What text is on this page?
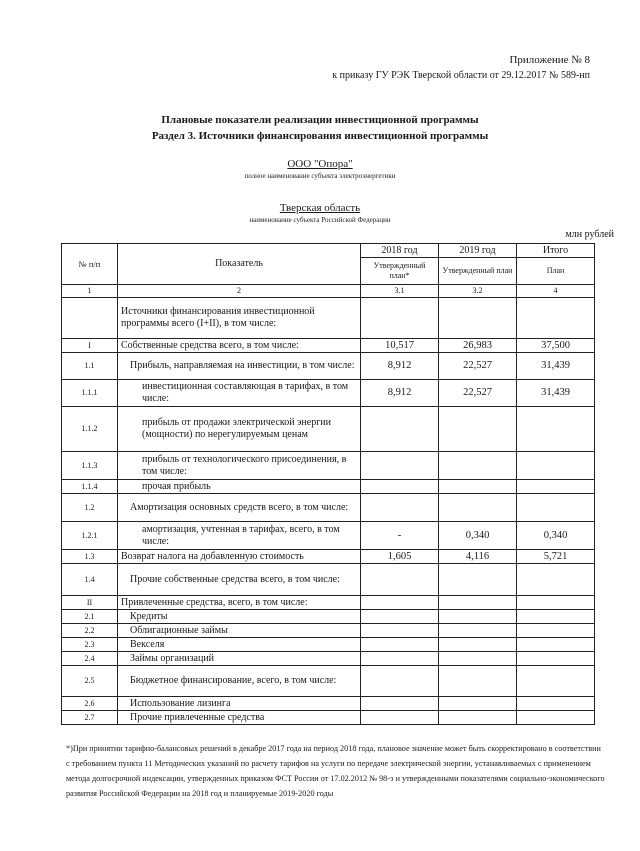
Приложение № 8
к приказу ГУ РЭК Тверской области от 29.12.2017 № 589-нп
Плановые показатели реализации инвестиционной программы
Раздел 3. Источники финансирования инвестиционной программы
ООО "Опора"
полное наименование субъекта электроэнергетики
Тверская область
наименование субъекта Российской Федерации
млн рублей
№ п/п	Показатель	2018 год	2019 год	Итого
		Утвержденный план*	Утвержденный план	План
1	2	3.1	3.2	4
	Источники финансирования инвестиционной программы всего (I+II), в том числе:			
I	Собственные средства всего, в том числе:	10,517	26,983	37,500
1.1	Прибыль, направляемая на инвестиции, в том числе:	8,912	22,527	31,439
1.1.1	инвестиционная составляющая в тарифах, в том числе:	8,912	22,527	31,439
1.1.2	прибыль от продажи электрической энергии (мощности) по нерегулируемым ценам			
1.1.3	прибыль от технологического присоединения, в том числе:			
1.1.4	прочая прибыль			
1.2	Амортизация основных средств всего, в том числе:			
1.2.1	амортизация, учтенная в тарифах, всего, в том числе:	-	0,340	0,340
1.3	Возврат налога на добавленную стоимость	1,605	4,116	5,721
1.4	Прочие собственные средства всего, в том числе:			
II	Привлеченные средства, всего, в том числе:			
2.1	Кредиты			
2.2	Облигационные займы			
2.3	Векселя			
2.4	Займы организаций			
2.5	Бюджетное финансирование, всего, в том числе:			
2.6	Использование лизинга			
2.7	Прочие привлеченные средства			
*)При принятии тарифно-балансовых решений в декабре 2017 года на период 2018 года, плановое значение может быть скорректировано в соответствии с требованием пункта 11 Методических указаний по расчету тарифов на услуги по передаче электрической энергии, устанавливаемых с применением метода долгосрочной индексации, утвержденных приказом ФСТ России от 17.02.2012 № 98-э и утвержденными показателями социально-экономического развития Российской Федерации на 2018 год и планируемые 2019-2020 годы
